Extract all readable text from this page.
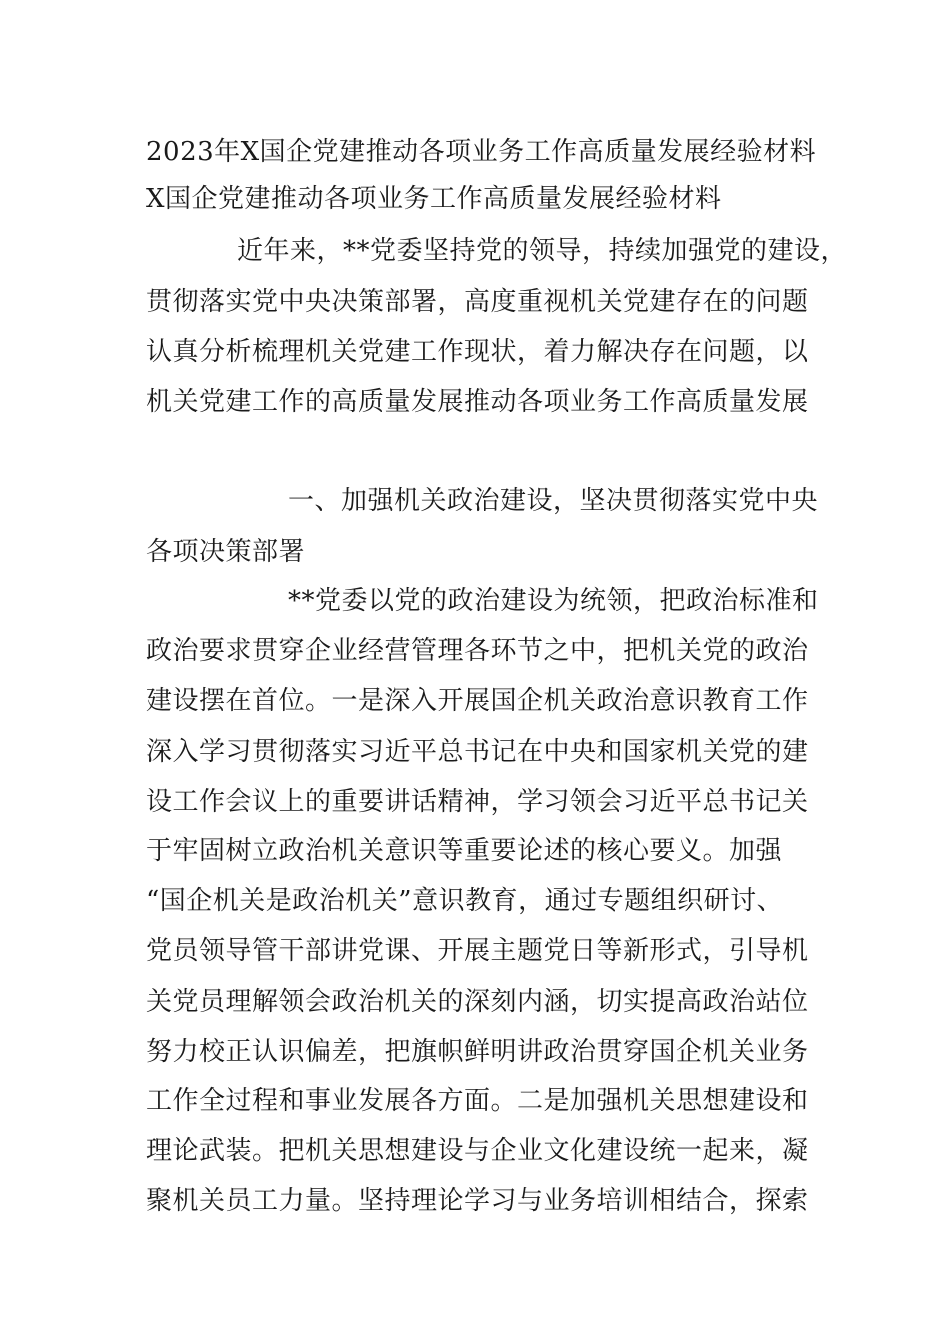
2023年X国企党建推动各项业务工作高质量发展经验材料
X国企党建推动各项业务工作高质量发展经验材料
近年来，**党委坚持党的领导，持续加强党的建设，
贯彻落实党中央决策部署，高度重视机关党建存在的问题
认真分析梳理机关党建工作现状，着力解决存在问题，以
机关党建工作的高质量发展推动各项业务工作高质量发展
一、加强机关政治建设，坚决贯彻落实党中央
各项决策部署
**党委以党的政治建设为统领，把政治标准和
政治要求贯穿企业经营管理各环节之中，把机关党的政治
建设摆在首位。一是深入开展国企机关政治意识教育工作
深入学习贯彻落实习近平总书记在中央和国家机关党的建
设工作会议上的重要讲话精神，学习领会习近平总书记关
于牢固树立政治机关意识等重要论述的核心要义。加强
“国企机关是政治机关”意识教育，通过专题组织研讨、
党员领导管干部讲党课、开展主题党日等新形式，引导机
关党员理解领会政治机关的深刻内涵，切实提高政治站位
努力校正认识偏差，把旗帜鲜明讲政治贯穿国企机关业务
工作全过程和事业发展各方面。二是加强机关思想建设和
理论武装。把机关思想建设与企业文化建设统一起来，凝
聚机关员工力量。坚持理论学习与业务培训相结合，探索
